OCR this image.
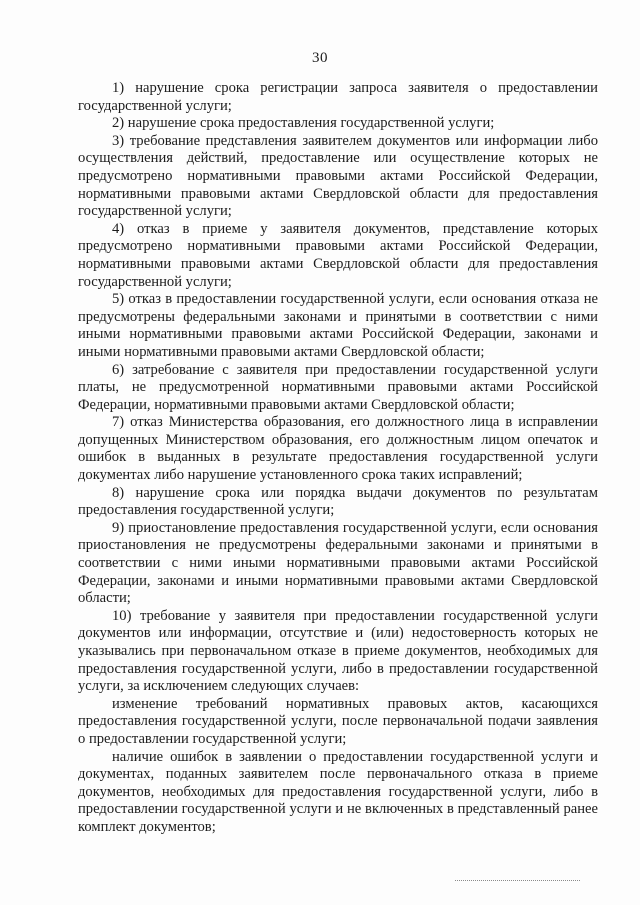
30

1) нарушение срока регистрации запроса заявителя о предоставлении государственной услуги;

2) нарушение срока предоставления государственной услуги;

3) требование представления заявителем документов или информации либо осуществления действий, предоставление или осуществление которых не предусмотрено нормативными правовыми актами Российской Федерации, нормативными правовыми актами Свердловской области для предоставления государственной услуги;

4) отказ в приеме у заявителя документов, представление которых предусмотрено нормативными правовыми актами Российской Федерации, нормативными правовыми актами Свердловской области для предоставления государственной услуги;

5) отказ в предоставлении государственной услуги, если основания отказа не предусмотрены федеральными законами и принятыми в соответствии с ними иными нормативными правовыми актами Российской Федерации, законами и иными нормативными правовыми актами Свердловской области;

6) затребование с заявителя при предоставлении государственной услуги платы, не предусмотренной нормативными правовыми актами Российской Федерации, нормативными правовыми актами Свердловской области;

7) отказ Министерства образования, его должностного лица в исправлении допущенных Министерством образования, его должностным лицом опечаток и ошибок в выданных в результате предоставления государственной услуги документах либо нарушение установленного срока таких исправлений;

8) нарушение срока или порядка выдачи документов по результатам предоставления государственной услуги;

9) приостановление предоставления государственной услуги, если основания приостановления не предусмотрены федеральными законами и принятыми в соответствии с ними иными нормативными правовыми актами Российской Федерации, законами и иными нормативными правовыми актами Свердловской области;

10) требование у заявителя при предоставлении государственной услуги документов или информации, отсутствие и (или) недостоверность которых не указывались при первоначальном отказе в приеме документов, необходимых для предоставления государственной услуги, либо в предоставлении государственной услуги, за исключением следующих случаев:

изменение требований нормативных правовых актов, касающихся предоставления государственной услуги, после первоначальной подачи заявления о предоставлении государственной услуги;

наличие ошибок в заявлении о предоставлении государственной услуги и документах, поданных заявителем после первоначального отказа в приеме документов, необходимых для предоставления государственной услуги, либо в предоставлении государственной услуги и не включенных в представленный ранее комплект документов;
